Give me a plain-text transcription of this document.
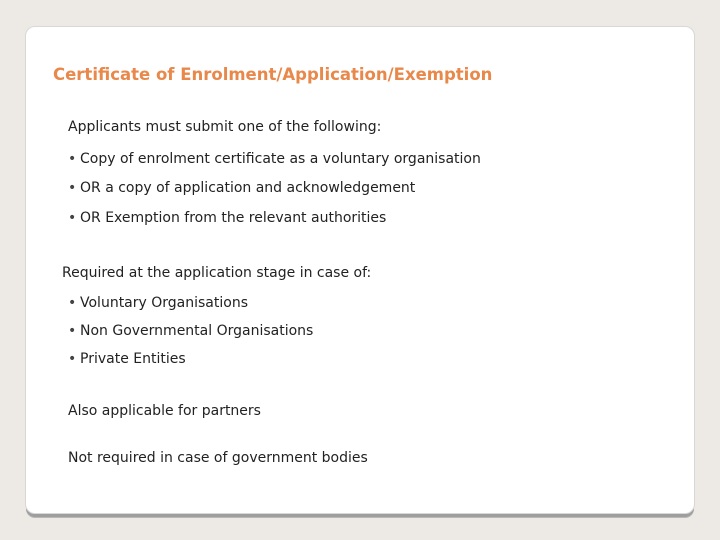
Certificate of Enrolment/Application/Exemption

Applicants must submit one of the following:

• Copy of enrolment certificate as a voluntary organisation

• OR a copy of application and acknowledgement

• OR Exemption from the relevant authorities

Required at the application stage in case of:

• Voluntary Organisations

• Non Governmental Organisations

• Private Entities

Also applicable for partners

Not required in case of government bodies
